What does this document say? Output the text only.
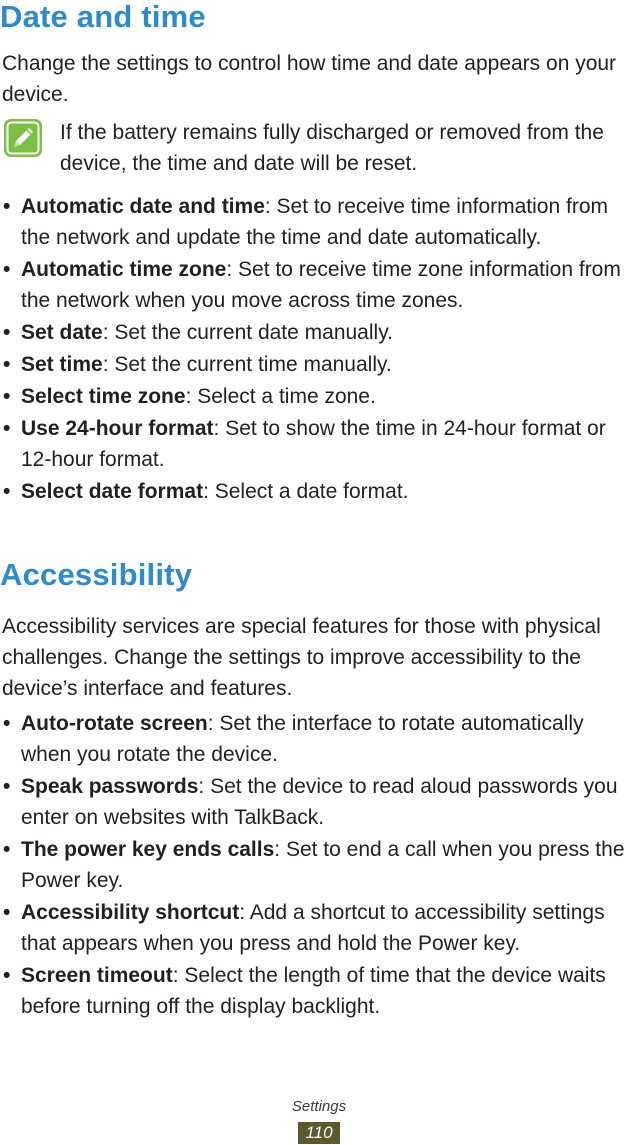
Date and time

Change the settings to control how time and date appears on your device.

If the battery remains fully discharged or removed from the device, the time and date will be reset.
• Automatic date and time: Set to receive time information from the network and update the time and date automatically.
• Automatic time zone: Set to receive time zone information from the network when you move across time zones.
• Set date: Set the current date manually.
• Set time: Set the current time manually.
• Select time zone: Select a time zone.
• Use 24-hour format: Set to show the time in 24-hour format or 12-hour format.
• Select date format: Select a date format.
Accessibility

Accessibility services are special features for those with physical challenges. Change the settings to improve accessibility to the device’s interface and features.

• Auto-rotate screen: Set the interface to rotate automatically when you rotate the device.
• Speak passwords: Set the device to read aloud passwords you enter on websites with TalkBack.
• The power key ends calls: Set to end a call when you press the Power key.
• Accessibility shortcut: Add a shortcut to accessibility settings that appears when you press and hold the Power key.
• Screen timeout: Select the length of time that the device waits before turning off the display backlight.
Settings
110
